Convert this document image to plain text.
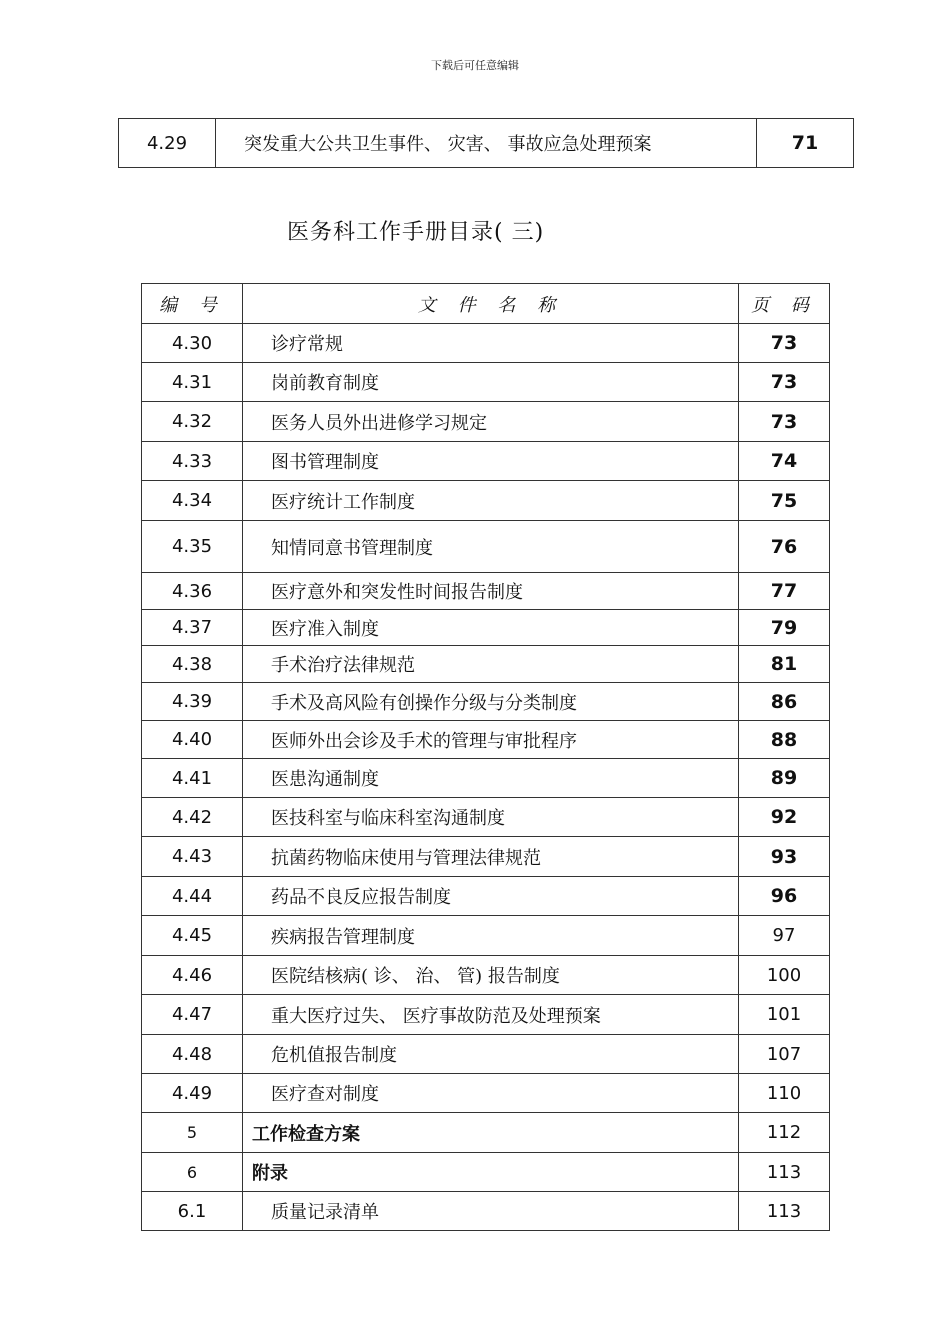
下载后可任意编辑
4.29	突发重大公共卫生事件、 灾害、 事故应急处理预案	71
医务科工作手册目录( 三)
编 号	文 件 名 称	页 码
4.30	诊疗常规	73
4.31	岗前教育制度	73
4.32	医务人员外出进修学习规定	73
4.33	图书管理制度	74
4.34	医疗统计工作制度	75
4.35	知情同意书管理制度	76
4.36	医疗意外和突发性时间报告制度	77
4.37	医疗准入制度	79
4.38	手术治疗法律规范	81
4.39	手术及高风险有创操作分级与分类制度	86
4.40	医师外出会诊及手术的管理与审批程序	88
4.41	医患沟通制度	89
4.42	医技科室与临床科室沟通制度	92
4.43	抗菌药物临床使用与管理法律规范	93
4.44	药品不良反应报告制度	96
4.45	疾病报告管理制度	97
4.46	医院结核病( 诊、 治、 管) 报告制度	100
4.47	重大医疗过失、 医疗事故防范及处理预案	101
4.48	危机值报告制度	107
4.49	医疗查对制度	110
5	工作检查方案	112
6	附录	113
6.1	质量记录清单	113
